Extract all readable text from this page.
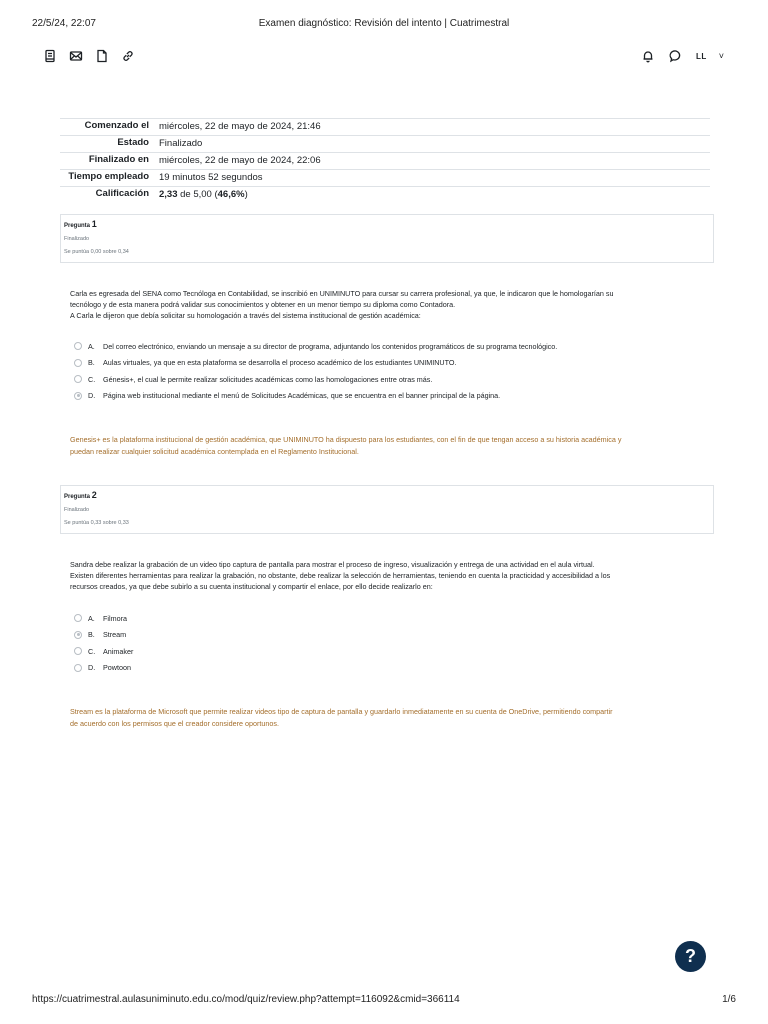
22/5/24, 22:07	Examen diagnóstico: Revisión del intento | Cuatrimestral
LL ˅
Comenzado el	miércoles, 22 de mayo de 2024, 21:46
Estado	Finalizado
Finalizado en	miércoles, 22 de mayo de 2024, 22:06
Tiempo empleado	19 minutos 52 segundos
Calificación	2,33 de 5,00 (46,6%)
Pregunta 1
Finalizado
Se puntúa 0,00 sobre 0,34
Carla es egresada del SENA como Tecnóloga en Contabilidad, se inscribió en UNIMINUTO para cursar su carrera profesional, ya que, le indicaron que le homologarían su
tecnólogo y de esta manera podrá validar sus conocimientos y obtener en un menor tiempo su diploma como Contadora.
A Carla le dijeron que debía solicitar su homologación a través del sistema institucional de gestión académica:
A.	Del correo electrónico, enviando un mensaje a su director de programa, adjuntando los contenidos programáticos de su programa tecnológico.
B.	Aulas virtuales, ya que en esta plataforma se desarrolla el proceso académico de los estudiantes UNIMINUTO.
C.	Génesis+, el cual le permite realizar solicitudes académicas como las homologaciones entre otras más.
D.	Página web institucional mediante el menú de Solicitudes Académicas, que se encuentra en el banner principal de la página.
Genesis+ es la plataforma institucional de gestión académica, que UNIMINUTO ha dispuesto para los estudiantes, con el fin de que tengan acceso a su historia académica y
puedan realizar cualquier solicitud académica contemplada en el Reglamento Institucional.
Pregunta 2
Finalizado
Se puntúa 0,33 sobre 0,33
Sandra debe realizar la grabación de un video tipo captura de pantalla para mostrar el proceso de ingreso, visualización y entrega de una actividad en el aula virtual.
Existen diferentes herramientas para realizar la grabación, no obstante, debe realizar la selección de herramientas, teniendo en cuenta la practicidad y accesibilidad a los
recursos creados, ya que debe subirlo a su cuenta institucional y compartir el enlace, por ello decide realizarlo en:
A.	Filmora
B.	Stream
C.	Animaker
D.	Powtoon
Stream es la plataforma de Microsoft que permite realizar videos tipo de captura de pantalla y guardarlo inmediatamente en su cuenta de OneDrive, permitiendo compartir
de acuerdo con los permisos que el creador considere oportunos.
?
https://cuatrimestral.aulasuniminuto.edu.co/mod/quiz/review.php?attempt=116092&cmid=366114	1/6
